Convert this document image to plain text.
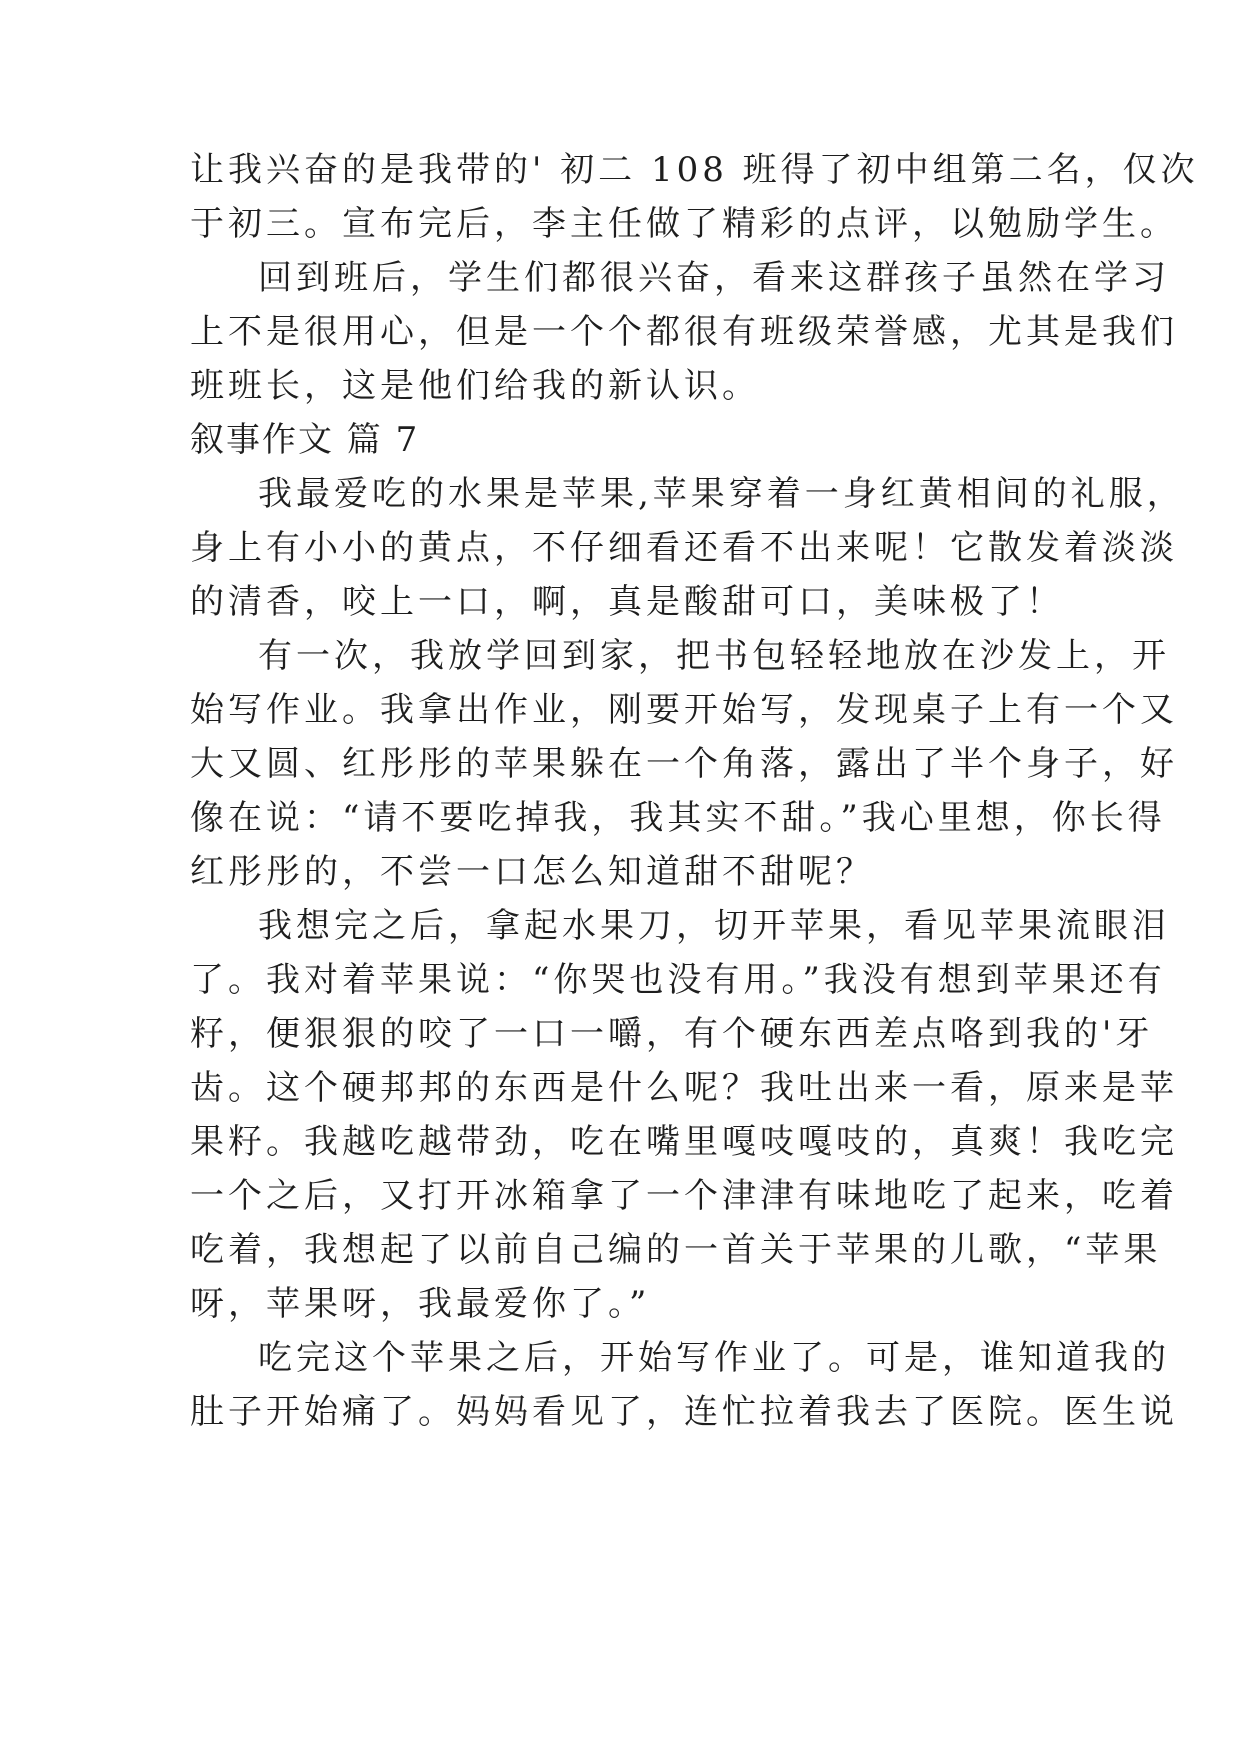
让我兴奋的是我带的' 初二 108 班得了初中组第二名，仅次
于初三。宣布完后，李主任做了精彩的点评，以勉励学生。
回到班后，学生们都很兴奋，看来这群孩子虽然在学习
上不是很用心，但是一个个都很有班级荣誉感，尤其是我们
班班长，这是他们给我的新认识。
叙事作文 篇 7
我最爱吃的水果是苹果,苹果穿着一身红黄相间的礼服，
身上有小小的黄点，不仔细看还看不出来呢！它散发着淡淡
的清香，咬上一口，啊，真是酸甜可口，美味极了！
有一次，我放学回到家，把书包轻轻地放在沙发上，开
始写作业。我拿出作业，刚要开始写，发现桌子上有一个又
大又圆、红彤彤的苹果躲在一个角落，露出了半个身子，好
像在说：“请不要吃掉我，我其实不甜。”我心里想，你长得
红彤彤的，不尝一口怎么知道甜不甜呢？
我想完之后，拿起水果刀，切开苹果，看见苹果流眼泪
了。我对着苹果说：“你哭也没有用。”我没有想到苹果还有
籽，便狠狠的咬了一口一嚼，有个硬东西差点咯到我的'牙
齿。这个硬邦邦的东西是什么呢？我吐出来一看，原来是苹
果籽。我越吃越带劲，吃在嘴里嘎吱嘎吱的，真爽！我吃完
一个之后，又打开冰箱拿了一个津津有味地吃了起来，吃着
吃着，我想起了以前自己编的一首关于苹果的儿歌，“苹果
呀，苹果呀，我最爱你了。”
吃完这个苹果之后，开始写作业了。可是，谁知道我的
肚子开始痛了。妈妈看见了，连忙拉着我去了医院。医生说
